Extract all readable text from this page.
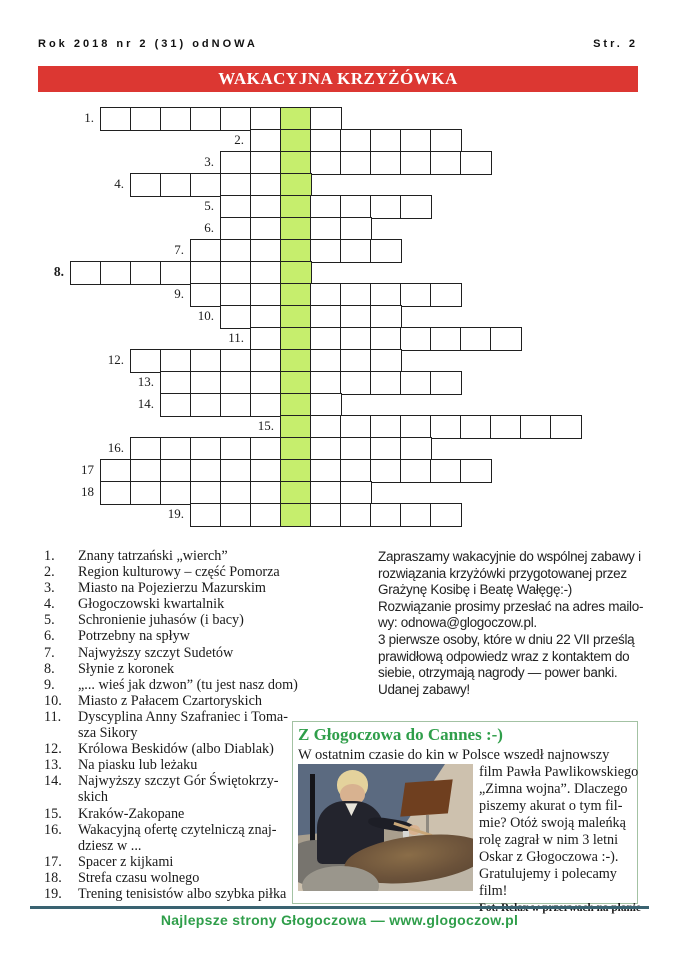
Rok 2018 nr 2 (31) odNOWA	Str. 2
WAKACYJNA KRZYŻÓWKA
1.
2.
3.
4.
5.
6.
7.
8.
9.
10.
11.
12.
13.
14.
15.
16.
17
18
19.
1.	Znany tatrzański „wierch”
2.	Region kulturowy – część Pomorza
3.	Miasto na Pojezierzu Mazurskim
4.	Głogoczowski kwartalnik
5.	Schronienie juhasów (i bacy)
6.	Potrzebny na spływ
7.	Najwyższy szczyt Sudetów
8.	Słynie z koronek
9.	„... wieś jak dzwon” (tu jest nasz dom)
10.	Miasto z Pałacem Czartoryskich
11.	Dyscyplina Anny Szafraniec i Toma-
sza Sikory
12.	Królowa Beskidów (albo Diablak)
13.	Na piasku lub leżaku
14.	Najwyższy szczyt Gór Świętokrzy-
skich
15.	Kraków-Zakopane
16.	Wakacyjną ofertę czytelniczą znaj-
dziesz w ...
17.	Spacer z kijkami
18.	Strefa czasu wolnego
19.	Trening tenisistów albo szybka piłka
Zapraszamy wakacyjnie do wspólnej zabawy i
rozwiązania krzyżówki przygotowanej przez
Grażynę Kosibę i Beatę Wałęgę:-)
Rozwiązanie prosimy przesłać na adres mailo-
wy: odnowa@glogoczow.pl.
3 pierwsze osoby, które w dniu 22 VII prześlą
prawidłową odpowiedz wraz z kontaktem do
siebie, otrzymają nagrody — power banki.
Udanej zabawy!
Z Głogoczowa do Cannes :-)
W ostatnim czasie do kin w Polsce wszedł najnowszy
film Pawła Pawlikowskiego
„Zimna wojna”. Dlaczego
piszemy akurat o tym fil-
mie? Otóż swoją maleńką
rolę zagrał w nim 3 letni
Oskar z Głogoczowa :-).
Gratulujemy i polecamy
film!
Najlepsze strony Głogoczowa — www.glogoczow.pl
